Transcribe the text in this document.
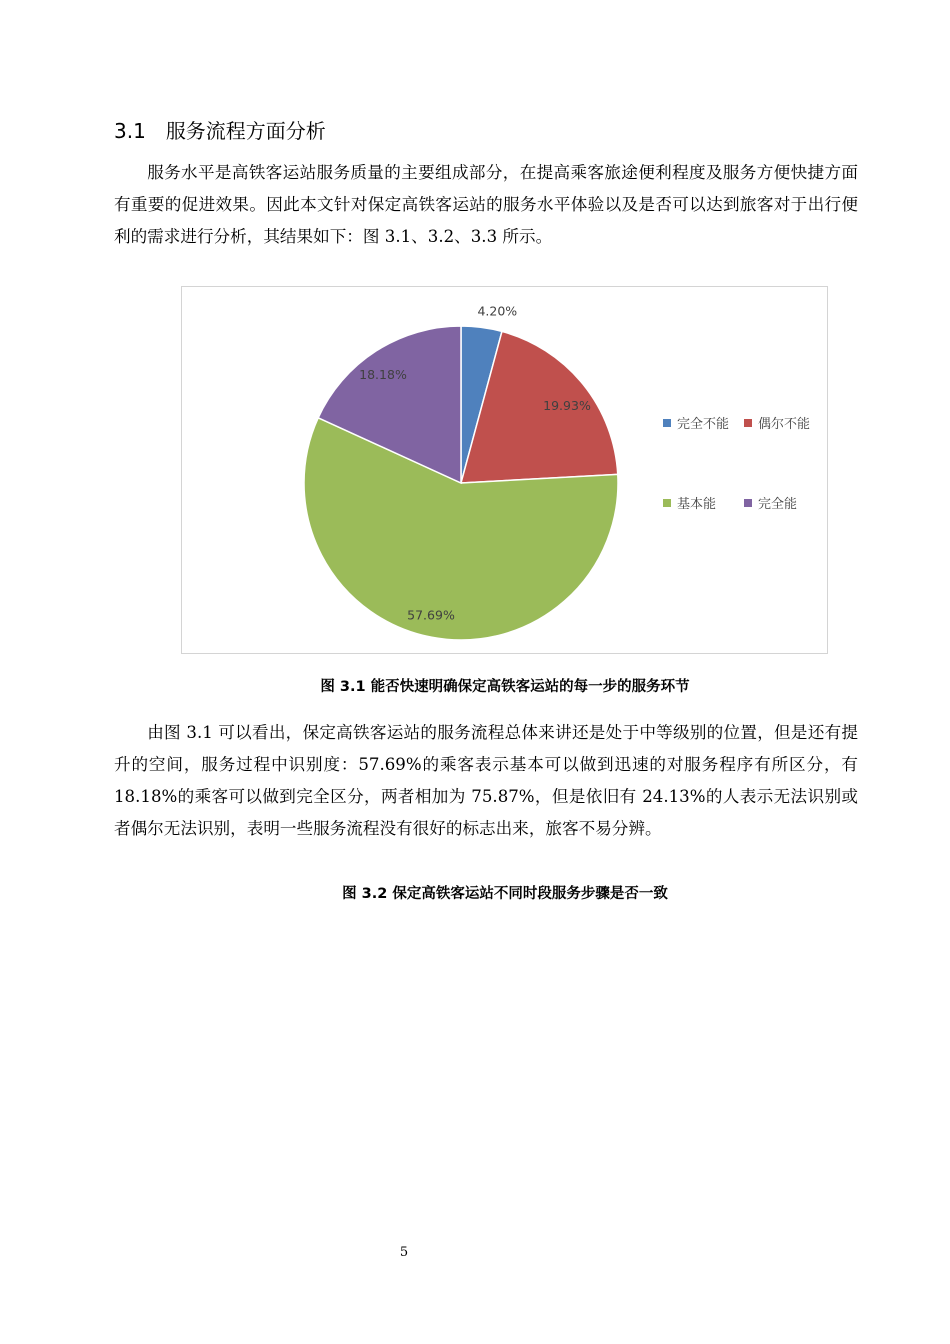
3.1 服务流程方面分析

服务水平是高铁客运站服务质量的主要组成部分，在提高乘客旅途便利程度及服务方便快捷方面有重要的促进效果。因此本文针对保定高铁客运站的服务水平体验以及是否可以达到旅客对于出行便利的需求进行分析，其结果如下：图 3.1、3.2、3.3 所示。

4.20%
19.93%
57.69%
18.18%
完全不能 偶尔不能
基本能	完全能
图 3.1 能否快速明确保定高铁客运站的每一步的服务环节

由图 3.1 可以看出，保定高铁客运站的服务流程总体来讲还是处于中等级别的位置，但是还有提升的空间，服务过程中识别度：57.69%的乘客表示基本可以做到迅速的对服务程序有所区分，有 18.18%的乘客可以做到完全区分，两者相加为 75.87%，但是依旧有 24.13%的人表示无法识别或者偶尔无法识别，表明一些服务流程没有很好的标志出来，旅客不易分辨。

图 3.2 保定高铁客运站不同时段服务步骤是否一致
5
